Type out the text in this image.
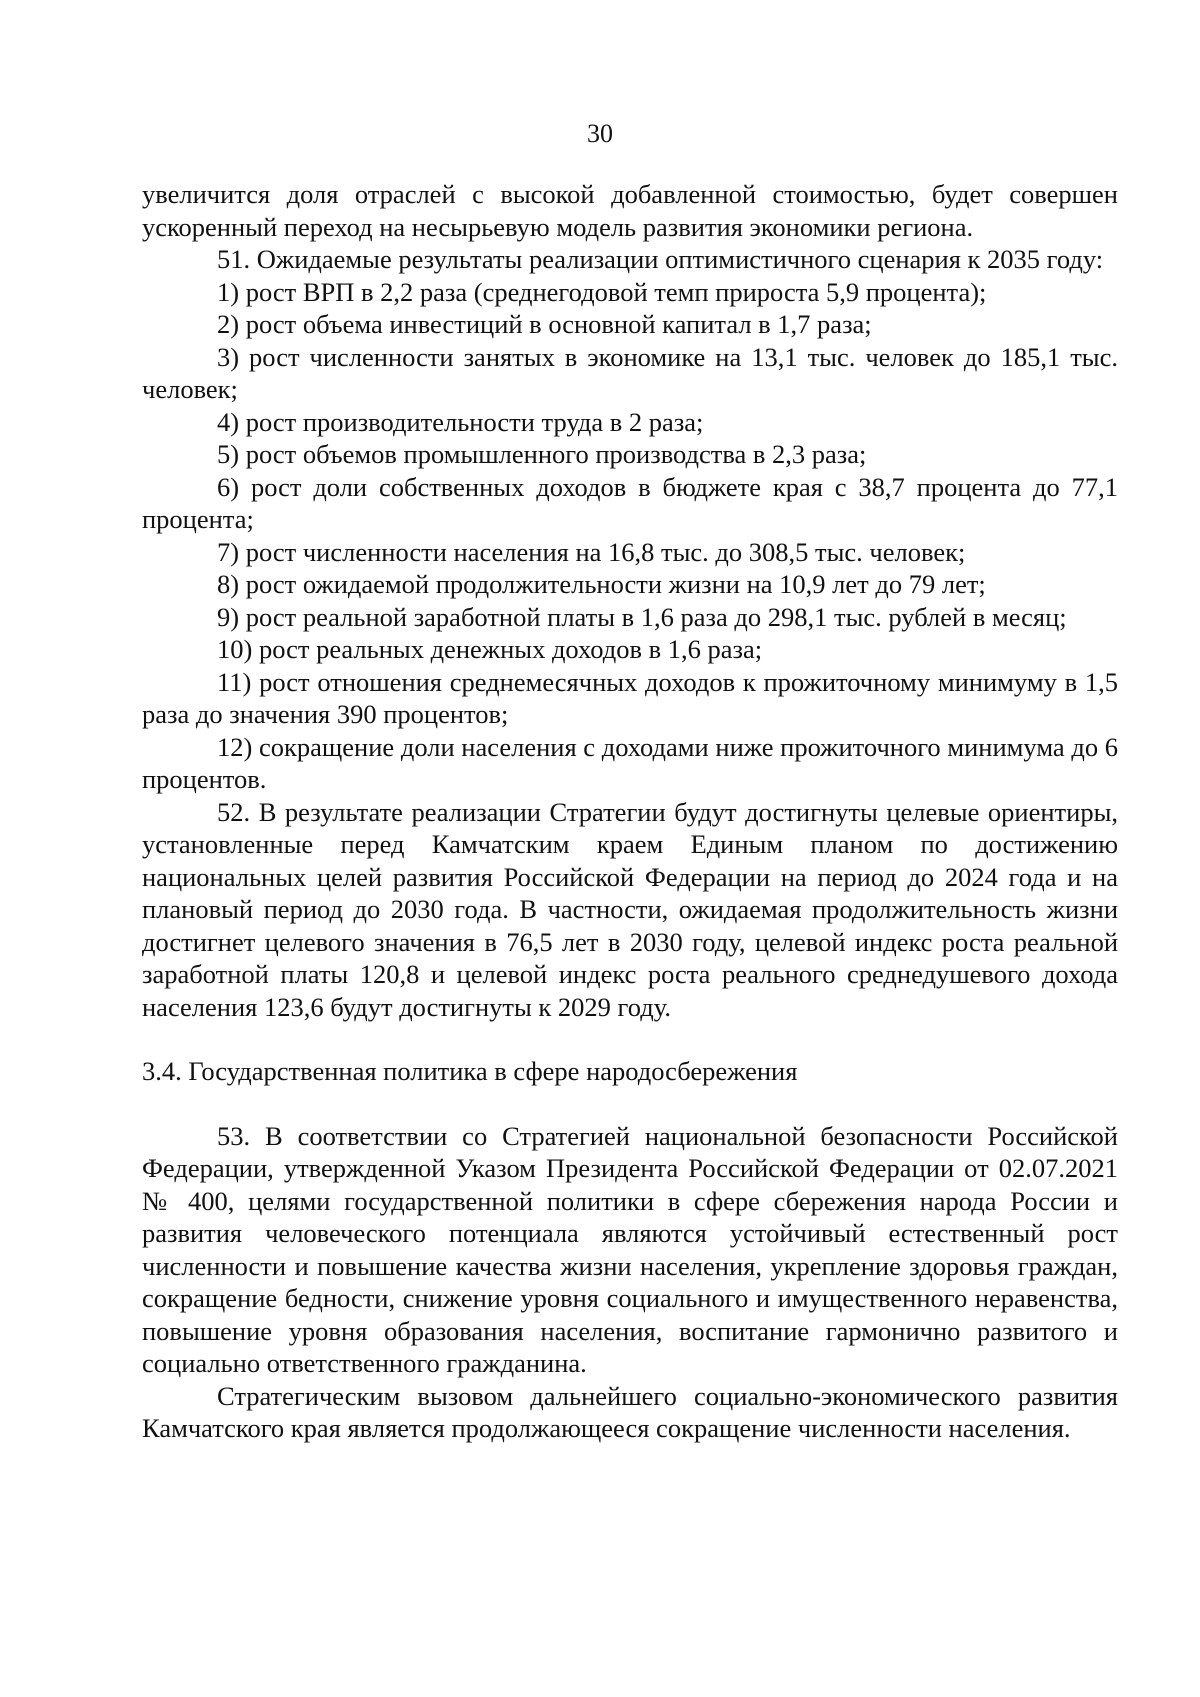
30

увеличится доля отраслей с высокой добавленной стоимостью, будет совершен ускоренный переход на несырьевую модель развития экономики региона.

51. Ожидаемые результаты реализации оптимистичного сценария к 2035 году:

1) рост ВРП в 2,2 раза (среднегодовой темп прироста 5,9 процента);

2) рост объема инвестиций в основной капитал в 1,7 раза;

3) рост численности занятых в экономике на 13,1 тыс. человек до 185,1 тыс. человек;

4) рост производительности труда в 2 раза;

5) рост объемов промышленного производства в 2,3 раза;

6) рост доли собственных доходов в бюджете края с 38,7 процента до 77,1 процента;

7) рост численности населения на 16,8 тыс. до 308,5 тыс. человек;

8) рост ожидаемой продолжительности жизни на 10,9 лет до 79 лет;

9) рост реальной заработной платы в 1,6 раза до 298,1 тыс. рублей в месяц;

10) рост реальных денежных доходов в 1,6 раза;

11) рост отношения среднемесячных доходов к прожиточному минимуму в 1,5 раза до значения 390 процентов;

12) сокращение доли населения с доходами ниже прожиточного минимума до 6 процентов.

52. В результате реализации Стратегии будут достигнуты целевые ориентиры, установленные перед Камчатским краем Единым планом по достижению национальных целей развития Российской Федерации на период до 2024 года и на плановый период до 2030 года. В частности, ожидаемая продолжительность жизни достигнет целевого значения в 76,5 лет в 2030 году, целевой индекс роста реальной заработной платы 120,8 и целевой индекс роста реального среднедушевого дохода населения 123,6 будут достигнуты к 2029 году.

3.4. Государственная политика в сфере народосбережения

53. В соответствии со Стратегией национальной безопасности Российской Федерации, утвержденной Указом Президента Российской Федерации от 02.07.2021 № 400, целями государственной политики в сфере сбережения народа России и развития человеческого потенциала являются устойчивый естественный рост численности и повышение качества жизни населения, укрепление здоровья граждан, сокращение бедности, снижение уровня социального и имущественного неравенства, повышение уровня образования населения, воспитание гармонично развитого и социально ответственного гражданина.

Стратегическим вызовом дальнейшего социально-экономического развития Камчатского края является продолжающееся сокращение численности населения.
